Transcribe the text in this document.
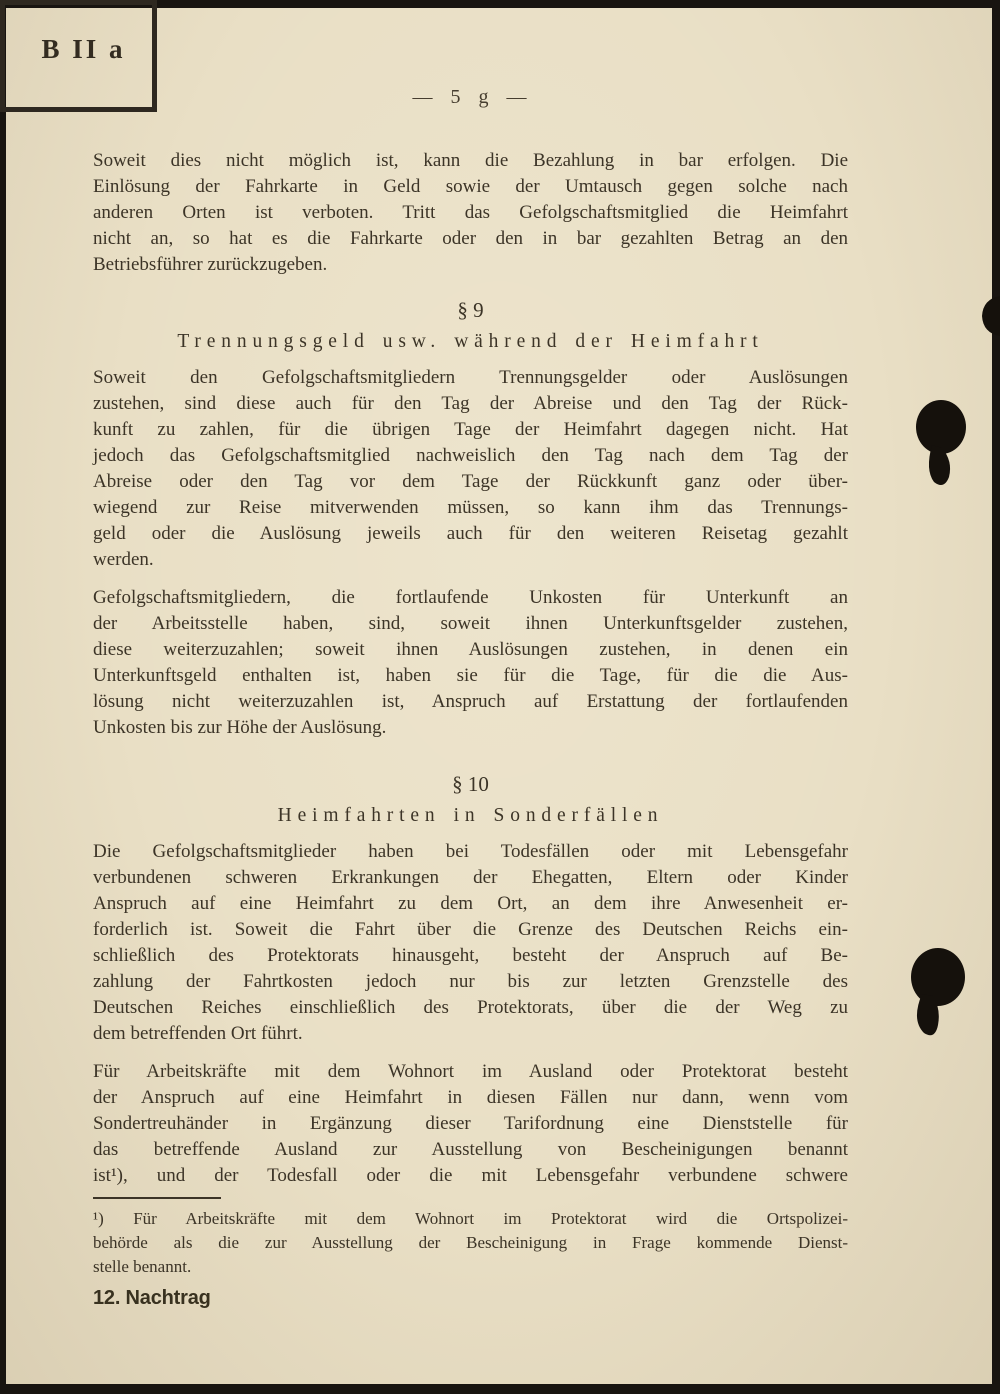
B II a
— 5 g —
Soweit dies nicht möglich ist, kann die Bezahlung in bar erfolgen. Die
Einlösung der Fahrkarte in Geld sowie der Umtausch gegen solche nach
anderen Orten ist verboten. Tritt das Gefolgschaftsmitglied die Heimfahrt
nicht an, so hat es die Fahrkarte oder den in bar gezahlten Betrag an den
Betriebsführer zurückzugeben.
§ 9
Trennungsgeld usw. während der Heimfahrt
Soweit den Gefolgschaftsmitgliedern Trennungsgelder oder Auslösungen
zustehen, sind diese auch für den Tag der Abreise und den Tag der Rück-
kunft zu zahlen, für die übrigen Tage der Heimfahrt dagegen nicht. Hat
jedoch das Gefolgschaftsmitglied nachweislich den Tag nach dem Tag der
Abreise oder den Tag vor dem Tage der Rückkunft ganz oder über-
wiegend zur Reise mitverwenden müssen, so kann ihm das Trennungs-
geld oder die Auslösung jeweils auch für den weiteren Reisetag gezahlt
werden.
Gefolgschaftsmitgliedern, die fortlaufende Unkosten für Unterkunft an
der Arbeitsstelle haben, sind, soweit ihnen Unterkunftsgelder zustehen,
diese weiterzuzahlen; soweit ihnen Auslösungen zustehen, in denen ein
Unterkunftsgeld enthalten ist, haben sie für die Tage, für die die Aus-
lösung nicht weiterzuzahlen ist, Anspruch auf Erstattung der fortlaufenden
Unkosten bis zur Höhe der Auslösung.
§ 10
Heimfahrten in Sonderfällen
Die Gefolgschaftsmitglieder haben bei Todesfällen oder mit Lebensgefahr
verbundenen schweren Erkrankungen der Ehegatten, Eltern oder Kinder
Anspruch auf eine Heimfahrt zu dem Ort, an dem ihre Anwesenheit er-
forderlich ist. Soweit die Fahrt über die Grenze des Deutschen Reichs ein-
schließlich des Protektorats hinausgeht, besteht der Anspruch auf Be-
zahlung der Fahrtkosten jedoch nur bis zur letzten Grenzstelle des
Deutschen Reiches einschließlich des Protektorats, über die der Weg zu
dem betreffenden Ort führt.
Für Arbeitskräfte mit dem Wohnort im Ausland oder Protektorat besteht
der Anspruch auf eine Heimfahrt in diesen Fällen nur dann, wenn vom
Sondertreuhänder in Ergänzung dieser Tarifordnung eine Dienststelle für
das betreffende Ausland zur Ausstellung von Bescheinigungen benannt
ist¹), und der Todesfall oder die mit Lebensgefahr verbundene schwere
¹) Für Arbeitskräfte mit dem Wohnort im Protektorat wird die Ortspolizei-
behörde als die zur Ausstellung der Bescheinigung in Frage kommende Dienst-
stelle benannt.
12. Nachtrag
